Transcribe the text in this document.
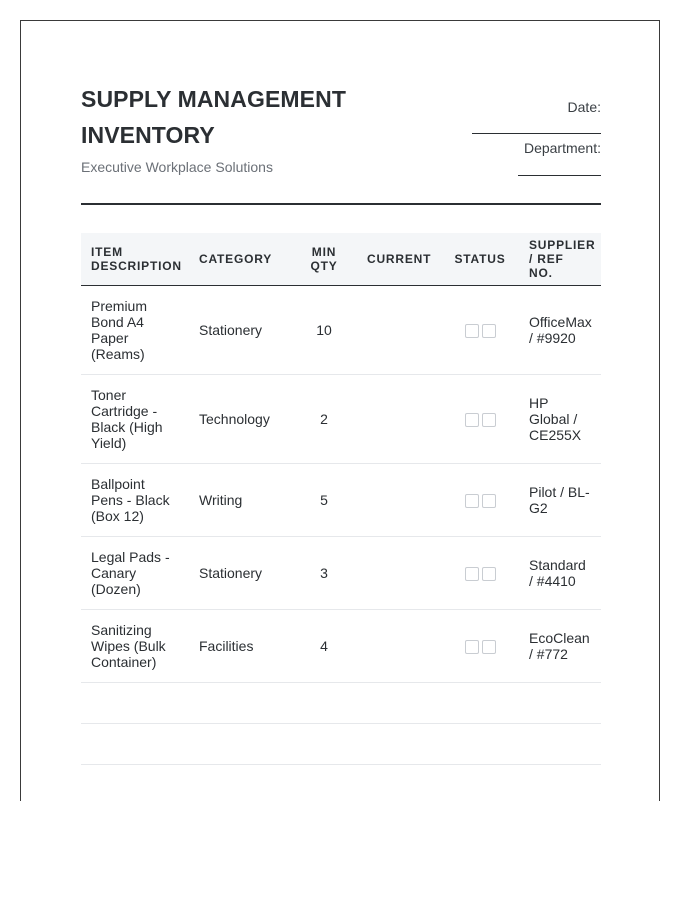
SUPPLY MANAGEMENT INVENTORY
Executive Workplace Solutions
Date:
Department:
ITEM DESCRIPTION	CATEGORY	MIN QTY	CURRENT	STATUS	SUPPLIER / REF NO.
Premium Bond A4 Paper (Reams)	Stationery	10			OfficeMax / #9920
Toner Cartridge - Black (High Yield)	Technology	2			HP Global / CE255X
Ballpoint Pens - Black (Box 12)	Writing	5			Pilot / BL-G2
Legal Pads - Canary (Dozen)	Stationery	3			Standard / #4410
Sanitizing Wipes (Bulk Container)	Facilities	4			EcoClean / #772
